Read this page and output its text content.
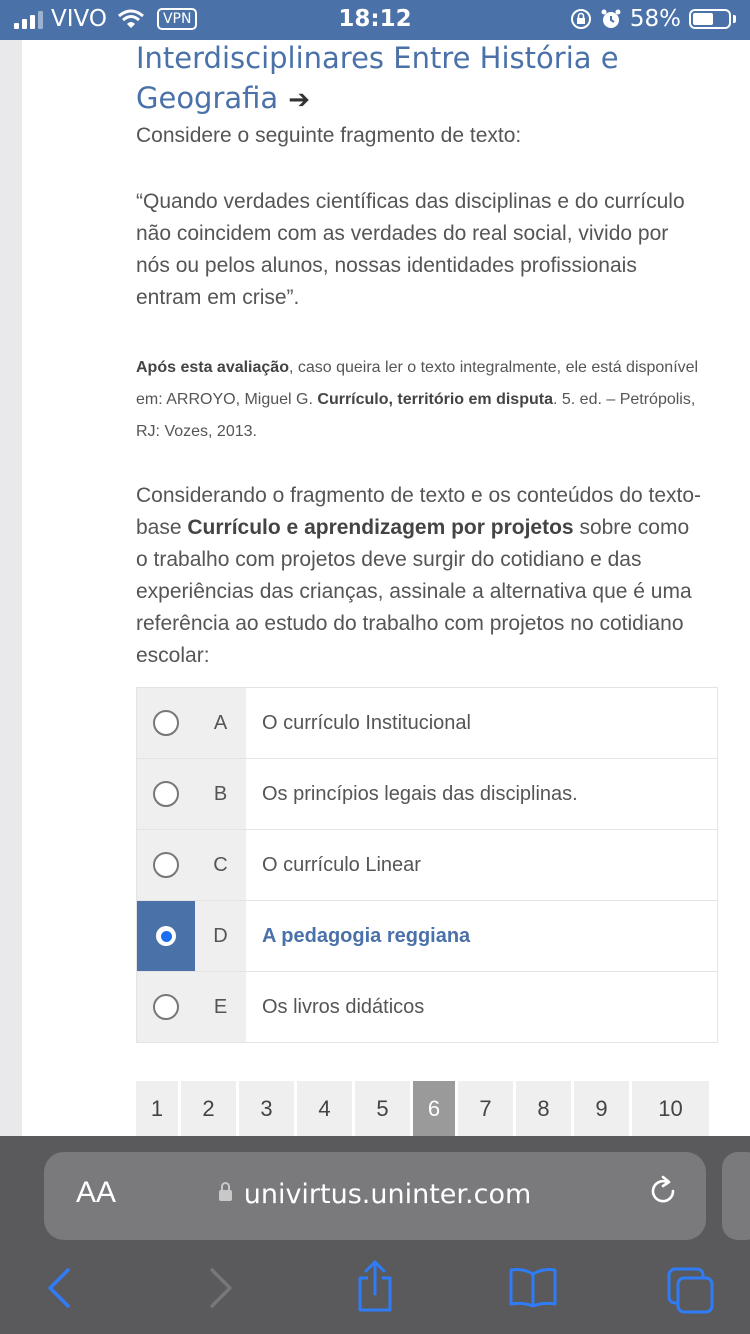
VIVO	VPN	18:12	58%

Interdisciplinares Entre História e Geografia ➔

Considere o seguinte fragmento de texto:

“Quando verdades científicas das disciplinas e do currículo não coincidem com as verdades do real social, vivido por nós ou pelos alunos, nossas identidades profissionais entram em crise”.

Após esta avaliação, caso queira ler o texto integralmente, ele está disponível em: ARROYO, Miguel G. Currículo, território em disputa. 5. ed. – Petrópolis, RJ: Vozes, 2013.

Considerando o fragmento de texto e os conteúdos do texto-base Currículo e aprendizagem por projetos sobre como o trabalho com projetos deve surgir do cotidiano e das experiências das crianças, assinale a alternativa que é uma referência ao estudo do trabalho com projetos no cotidiano escolar:

A	O currículo Institucional
B	Os princípios legais das disciplinas.
C	O currículo Linear
D	A pedagogia reggiana
E	Os livros didáticos
1	2	3	4	5	6	7	8	9	10
AA	univirtus.uninter.com
